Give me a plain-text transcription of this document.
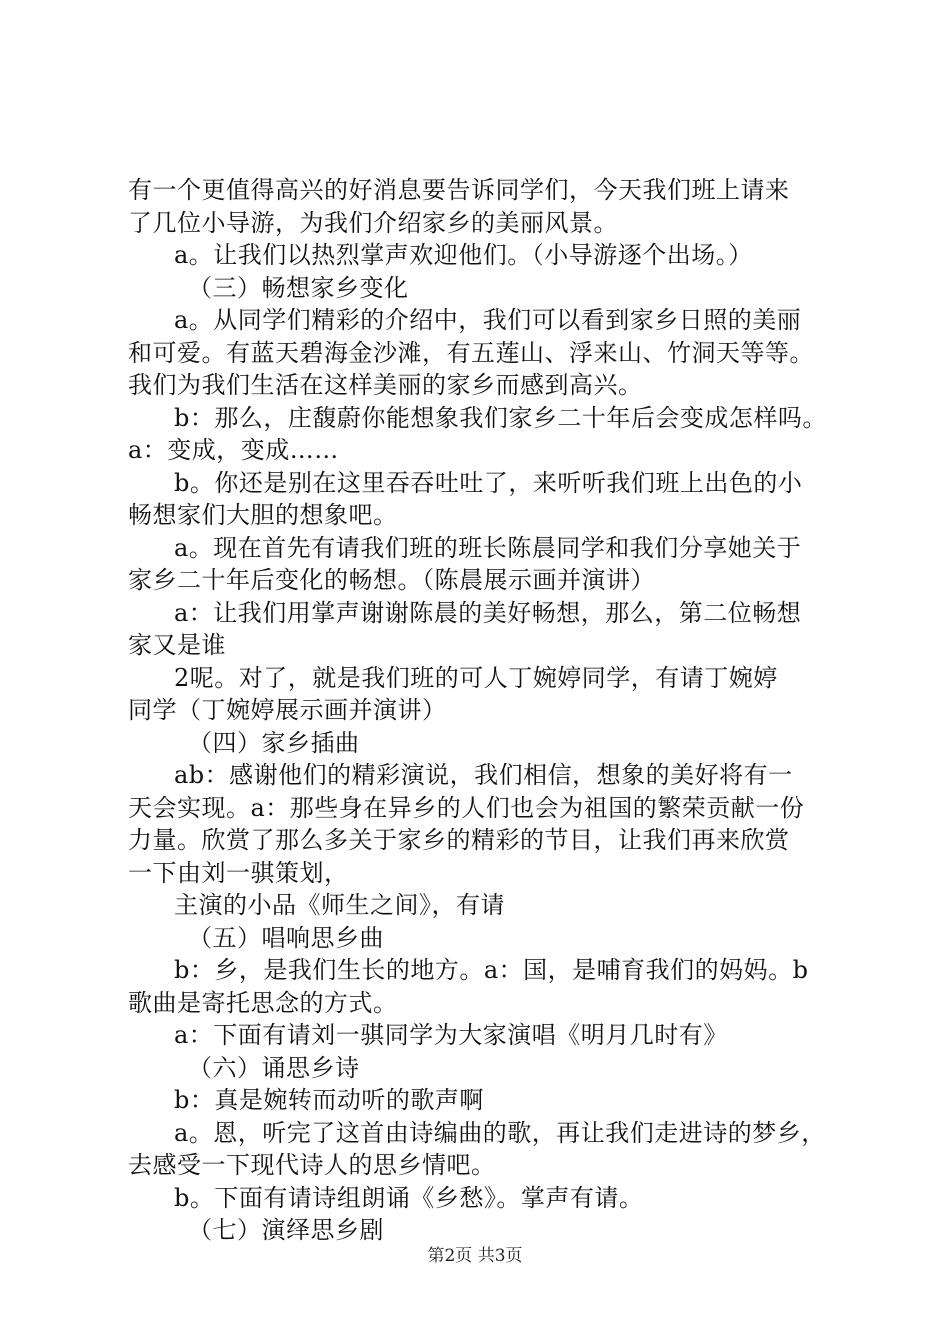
有一个更值得高兴的好消息要告诉同学们，今天我们班上请来
了几位小导游，为我们介绍家乡的美丽风景。
a。让我们以热烈掌声欢迎他们。（小导游逐个出场。）
（三）畅想家乡变化
a。从同学们精彩的介绍中，我们可以看到家乡日照的美丽
和可爱。有蓝天碧海金沙滩，有五莲山、浮来山、竹洞天等等。
我们为我们生活在这样美丽的家乡而感到高兴。
b：那么，庄馥蔚你能想象我们家乡二十年后会变成怎样吗。
a：变成，变成……
b。你还是别在这里吞吞吐吐了，来听听我们班上出色的小
畅想家们大胆的想象吧。
a。现在首先有请我们班的班长陈晨同学和我们分享她关于
家乡二十年后变化的畅想。（陈晨展示画并演讲）
a：让我们用掌声谢谢陈晨的美好畅想，那么，第二位畅想
家又是谁
2呢。对了，就是我们班的可人丁婉婷同学，有请丁婉婷
同学（丁婉婷展示画并演讲）
（四）家乡插曲
ab：感谢他们的精彩演说，我们相信，想象的美好将有一
天会实现。a：那些身在异乡的人们也会为祖国的繁荣贡献一份
力量。欣赏了那么多关于家乡的精彩的节目，让我们再来欣赏
一下由刘一骐策划，
主演的小品《师生之间》，有请
（五）唱响思乡曲
b：乡，是我们生长的地方。a：国，是哺育我们的妈妈。b
歌曲是寄托思念的方式。
a：下面有请刘一骐同学为大家演唱《明月几时有》
（六）诵思乡诗
b：真是婉转而动听的歌声啊
a。恩，听完了这首由诗编曲的歌，再让我们走进诗的梦乡，
去感受一下现代诗人的思乡情吧。
b。下面有请诗组朗诵《乡愁》。掌声有请。
（七）演绎思乡剧
第2页 共3页
